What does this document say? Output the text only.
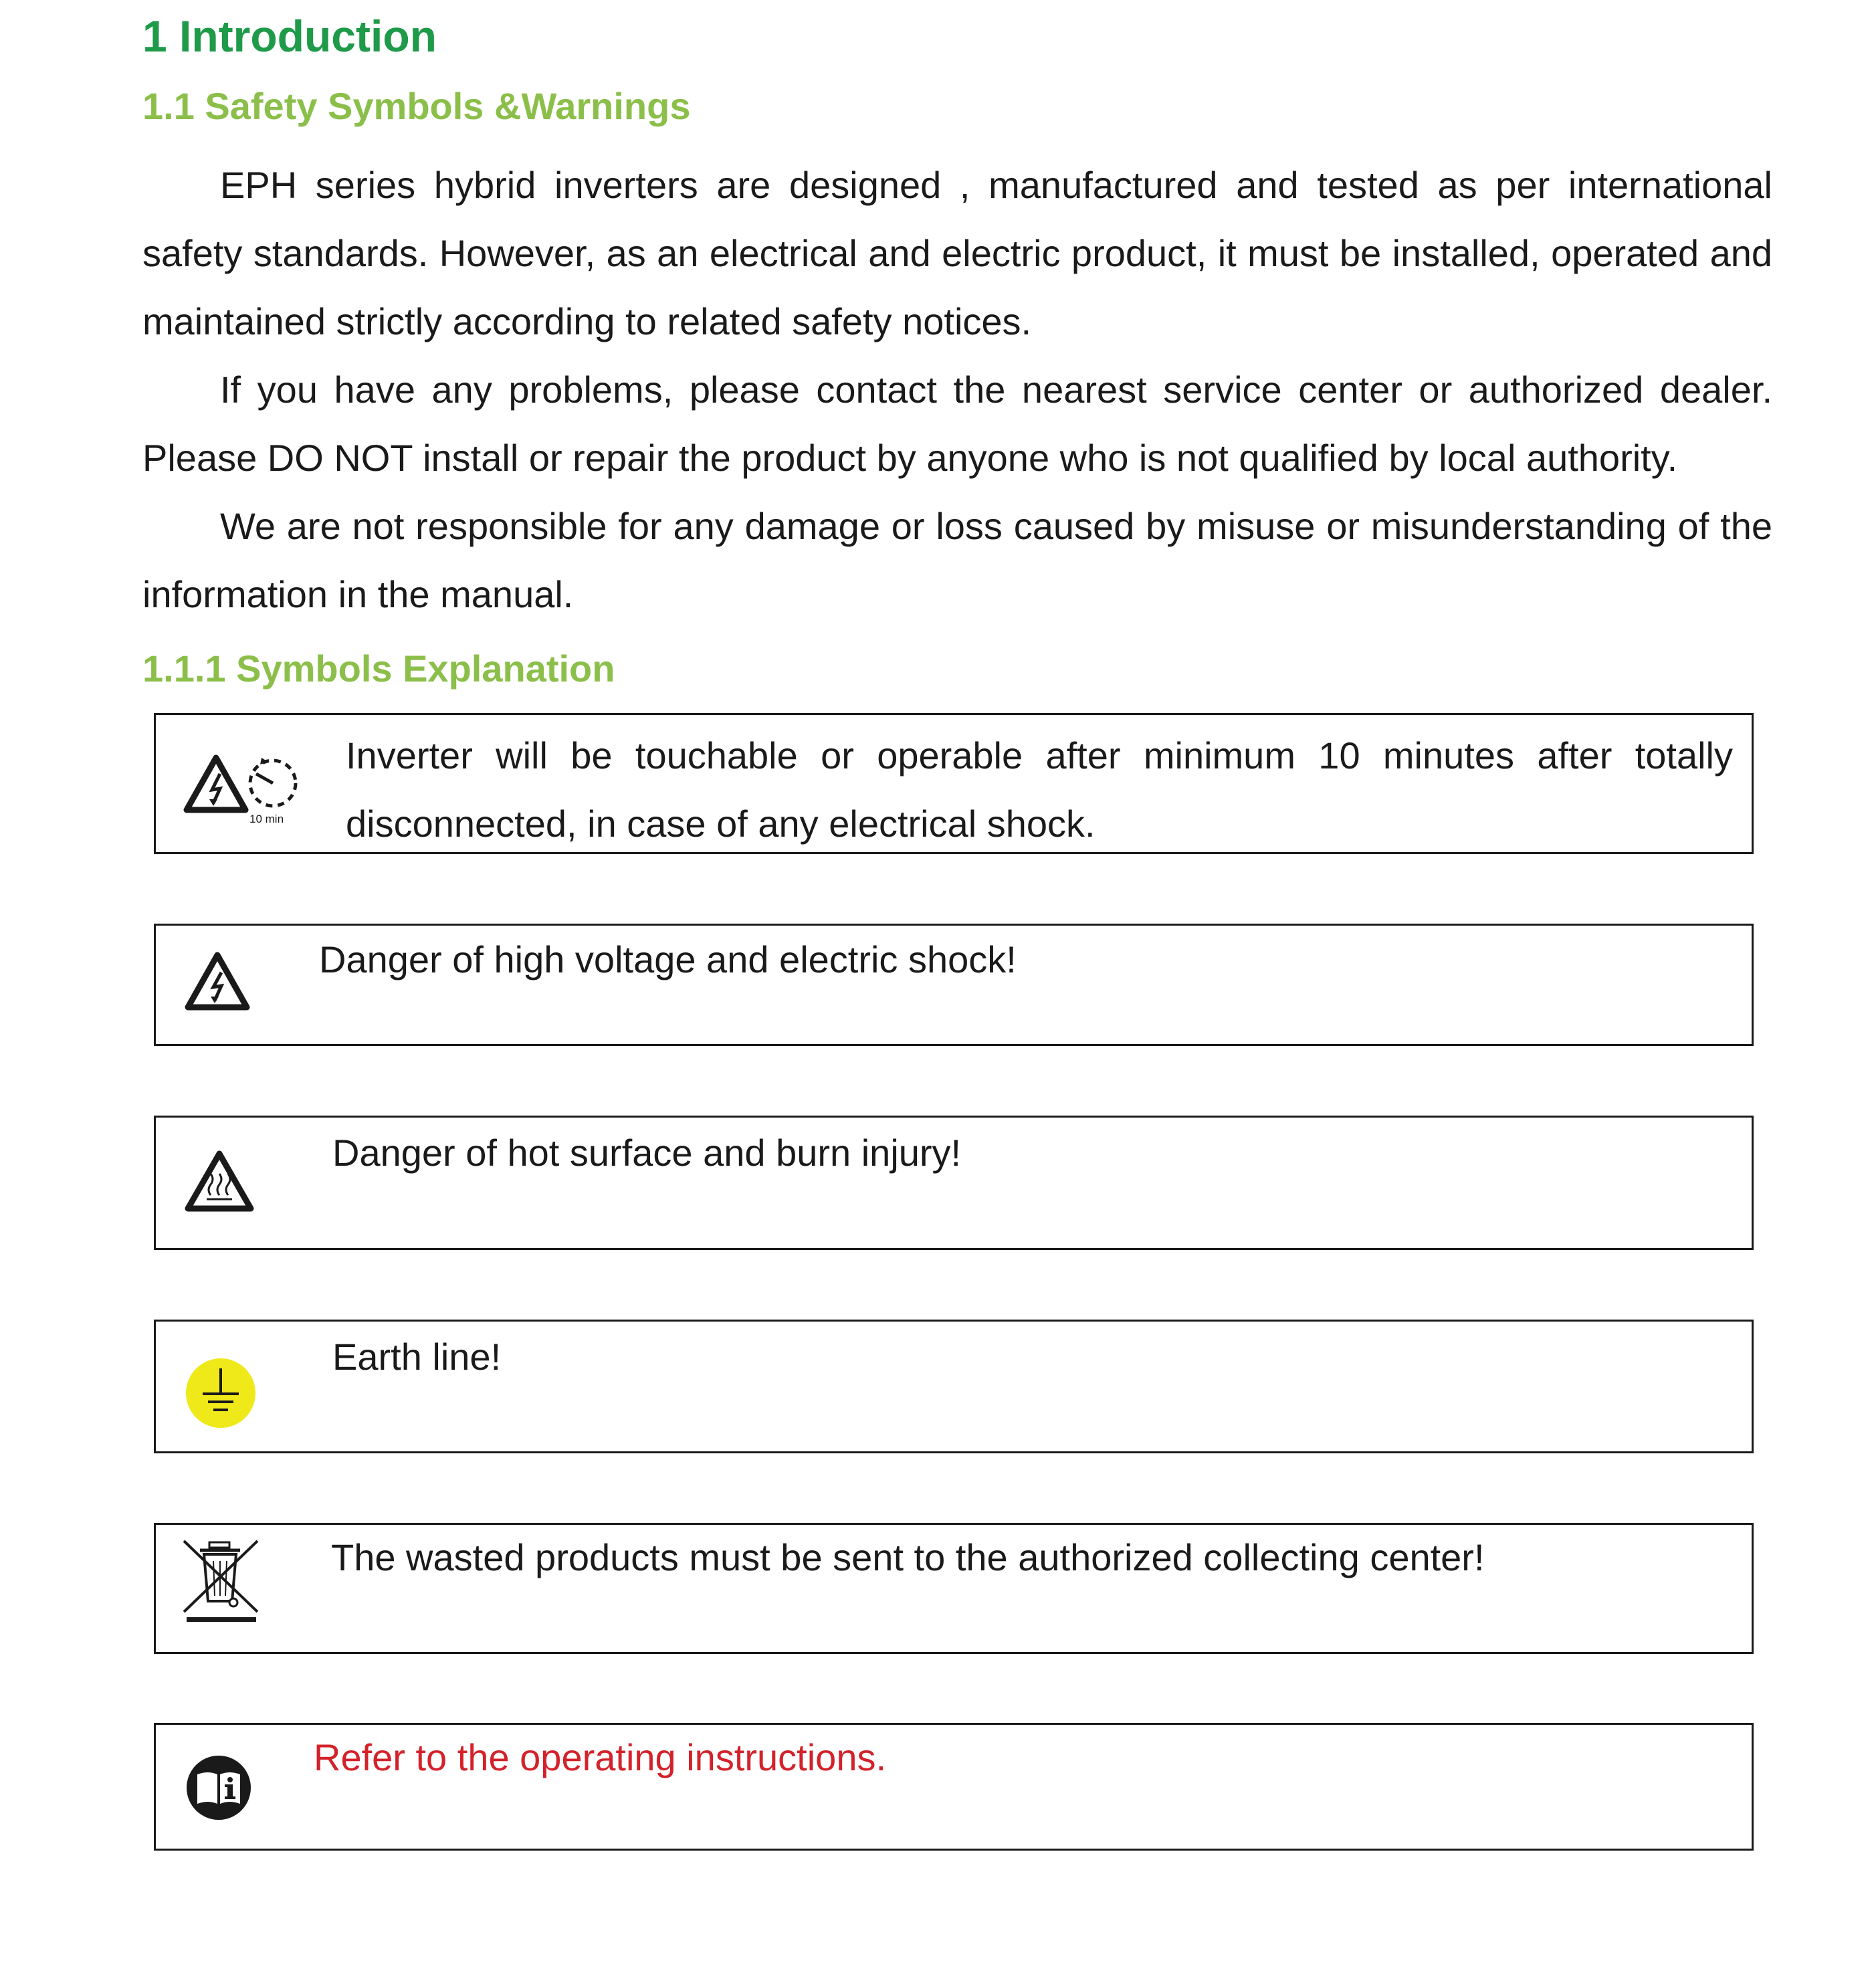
1 Introduction
1.1 Safety Symbols &Warnings

EPH series hybrid inverters are designed , manufactured and tested as per international safety standards. However, as an electrical and electric product, it must be installed, operated and maintained strictly according to related safety notices.

If you have any problems, please contact the nearest service center or authorized dealer. Please DO NOT install or repair the product by anyone who is not qualified by local authority.

We are not responsible for any damage or loss caused by misuse or misunderstanding of the information in the manual.

1.1.1 Symbols Explanation
10 min

Inverter will be touchable or operable after minimum 10 minutes after totally disconnected, in case of any electrical shock.

Danger of high voltage and electric shock!

Danger of hot surface and burn injury!

Earth line!

The wasted products must be sent to the authorized collecting center!

Refer to the operating instructions.
